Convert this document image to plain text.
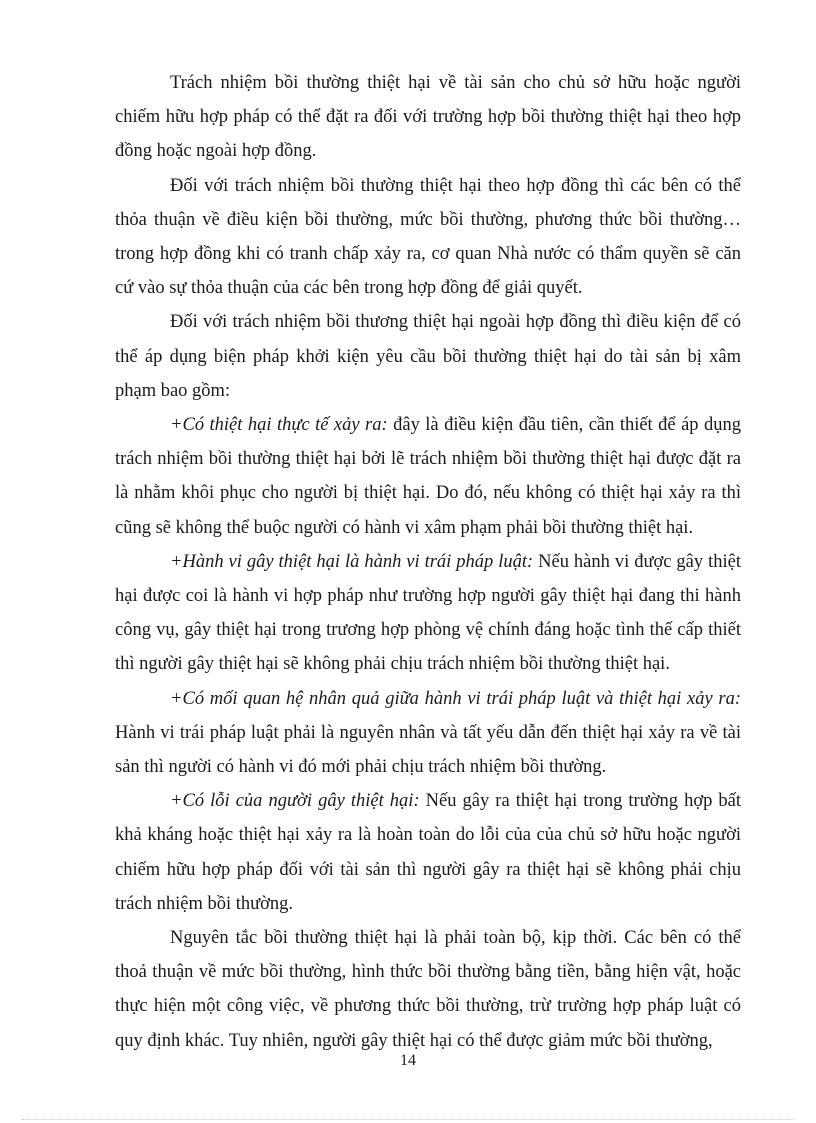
Trách nhiệm bồi thường thiệt hại về tài sản cho chủ sở hữu hoặc người chiếm hữu hợp pháp có thể đặt ra đối với trường hợp bồi thường thiệt hại theo hợp đồng hoặc ngoài hợp đồng.

Đối với trách nhiệm bồi thường thiệt hại theo hợp đồng thì các bên có thể thỏa thuận về điều kiện bồi thường, mức bồi thường, phương thức bồi thường… trong hợp đồng khi có tranh chấp xảy ra, cơ quan Nhà nước có thẩm quyền sẽ căn cứ vào sự thỏa thuận của các bên trong hợp đồng để giải quyết.

Đối với trách nhiệm bồi thương thiệt hại ngoài hợp đồng thì điều kiện để có thể áp dụng biện pháp khởi kiện yêu cầu bồi thường thiệt hại do tài sản bị xâm phạm bao gồm:

+Có thiệt hại thực tế xảy ra: đây là điều kiện đầu tiên, cần thiết để áp dụng trách nhiệm bồi thường thiệt hại bởi lẽ trách nhiệm bồi thường thiệt hại được đặt ra là nhằm khôi phục cho người bị thiệt hại. Do đó, nếu không có thiệt hại xảy ra thì cũng sẽ không thể buộc người có hành vi xâm phạm phải bồi thường thiệt hại.

+Hành vi gây thiệt hại là hành vi trái pháp luật: Nếu hành vi được gây thiệt hại được coi là hành vi hợp pháp như trường hợp người gây thiệt hại đang thi hành công vụ, gây thiệt hại trong trương hợp phòng vệ chính đáng hoặc tình thế cấp thiết thì người gây thiệt hại sẽ không phải chịu trách nhiệm bồi thường thiệt hại.

+Có mối quan hệ nhân quả giữa hành vi trái pháp luật và thiệt hại xảy ra: Hành vi trái pháp luật phải là nguyên nhân và tất yếu dẫn đến thiệt hại xảy ra về tài sản thì người có hành vi đó mới phải chịu trách nhiệm bồi thường.

+Có lỗi của người gây thiệt hại: Nếu gây ra thiệt hại trong trường hợp bất khả kháng hoặc thiệt hại xảy ra là hoàn toàn do lỗi của của chủ sở hữu hoặc người chiếm hữu hợp pháp đối với tài sản thì người gây ra thiệt hại sẽ không phải chịu trách nhiệm bồi thường.

Nguyên tắc bồi thường thiệt hại là phải toàn bộ, kịp thời. Các bên có thể thoả thuận về mức bồi thường, hình thức bồi thường bằng tiền, bằng hiện vật, hoặc thực hiện một công việc, về phương thức bồi thường, trừ trường hợp pháp luật có quy định khác. Tuy nhiên, người gây thiệt hại có thể được giảm mức bồi thường,

14
